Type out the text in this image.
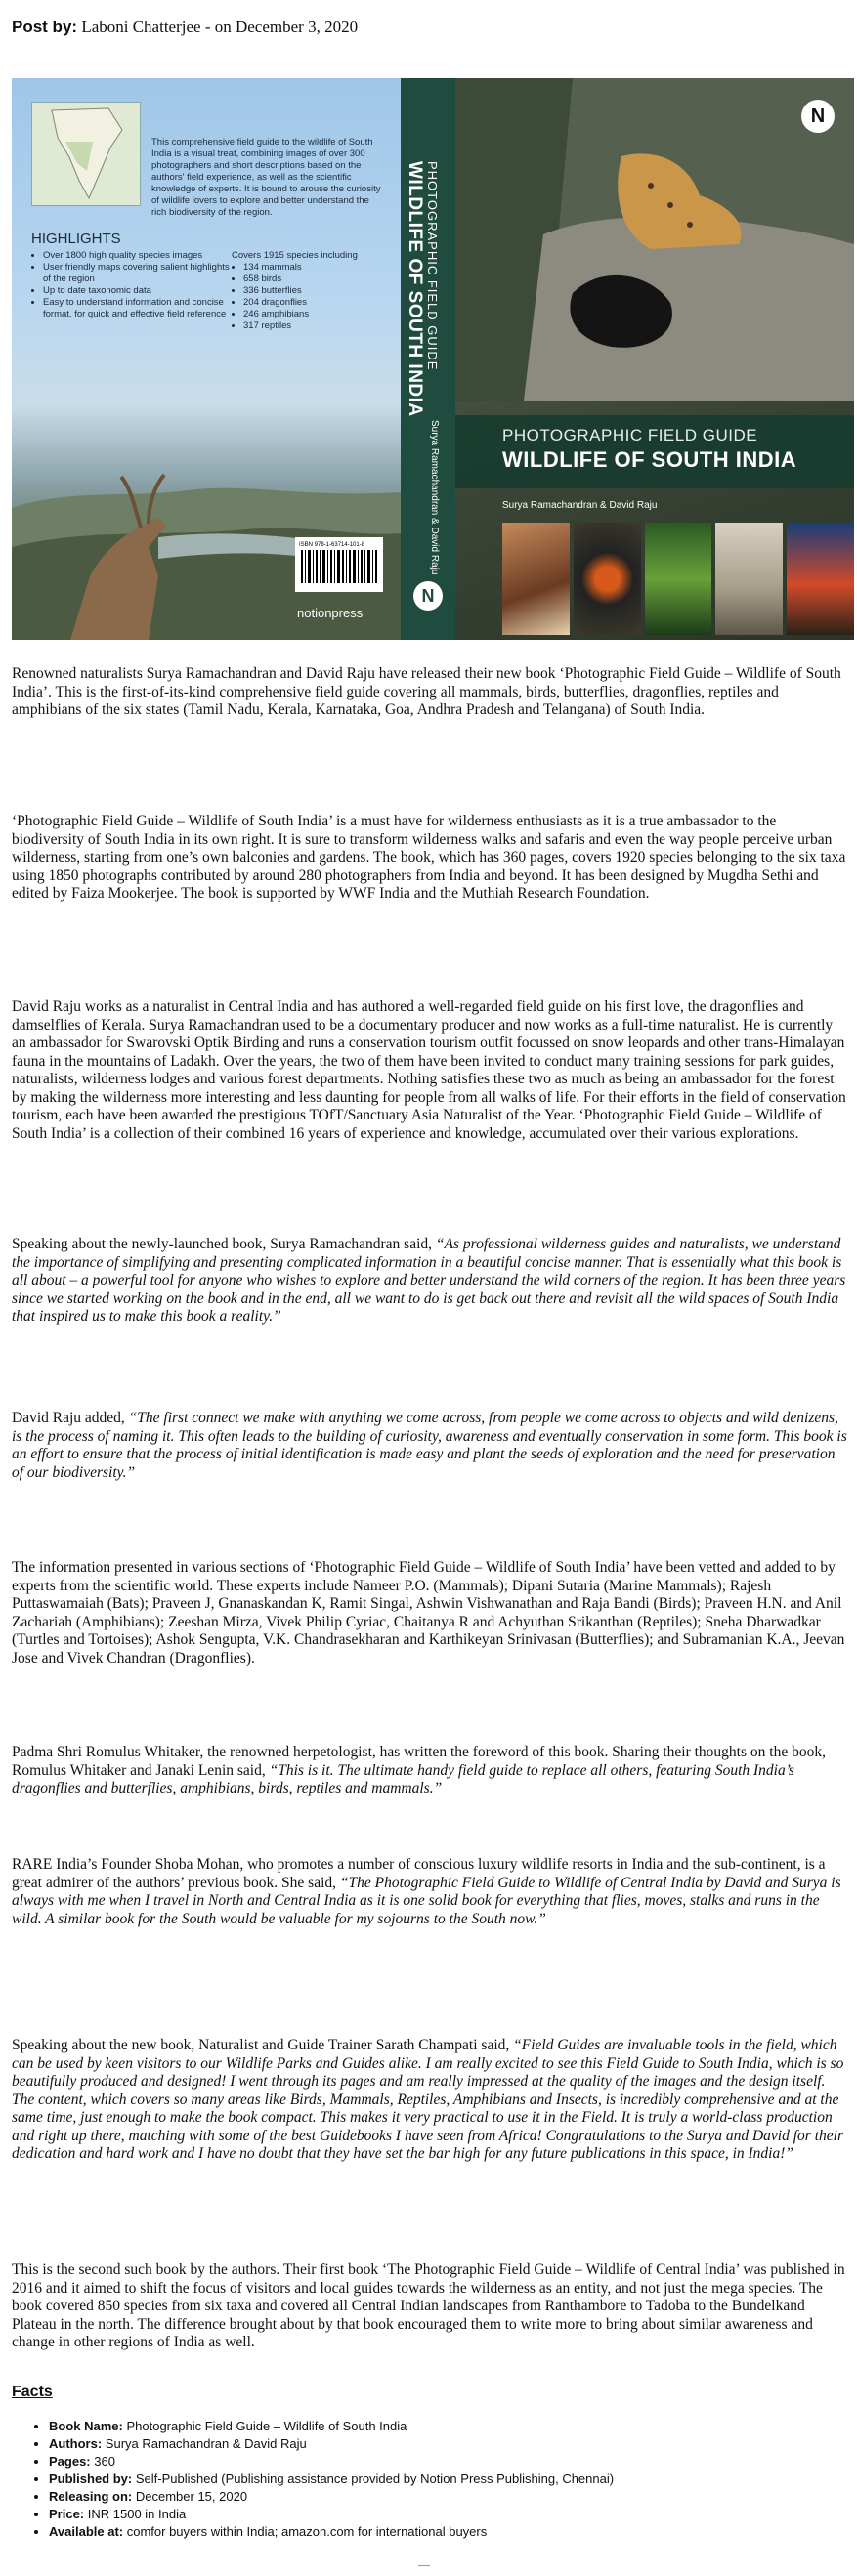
Post by: Laboni Chatterjee - on December 3, 2020
This comprehensive field guide to the wildlife of South India is a visual treat, combining images of over 300 photographers and short descriptions based on the authors' field experience, as well as the scientific knowledge of experts. It is bound to arouse the curiosity of wildlife lovers to explore and better understand the rich biodiversity of the region.
HIGHLIGHTS
• Over 1800 high quality species images
• User friendly maps covering salient highlights of the region
• Up to date taxonomic data
• Easy to understand information and concise format, for quick and effective field reference
Covers 1915 species including
• 134 mammals
• 658 birds
• 336 butterflies
• 204 dragonflies
• 246 amphibians
• 317 reptiles
ISBN 978-1-63714-101-8
notionpress
PHOTOGRAPHIC FIELD GUIDE
WILDLIFE OF SOUTH INDIA
Surya Ramachandran & David Raju
N
N
PHOTOGRAPHIC FIELD GUIDE
WILDLIFE OF SOUTH INDIA
Surya Ramachandran & David Raju

Renowned naturalists Surya Ramachandran and David Raju have released their new book ‘Photographic Field Guide – Wildlife of South India’. This is the first-of-its-kind comprehensive field guide covering all mammals, birds, butterflies, dragonflies, reptiles and amphibians of the six states (Tamil Nadu, Kerala, Karnataka, Goa, Andhra Pradesh and Telangana) of South India.

‘Photographic Field Guide – Wildlife of South India’ is a must have for wilderness enthusiasts as it is a true ambassador to the biodiversity of South India in its own right. It is sure to transform wilderness walks and safaris and even the way people perceive urban wilderness, starting from one’s own balconies and gardens. The book, which has 360 pages, covers 1920 species belonging to the six taxa using 1850 photographs contributed by around 280 photographers from India and beyond. It has been designed by Mugdha Sethi and edited by Faiza Mookerjee. The book is supported by WWF India and the Muthiah Research Foundation.

David Raju works as a naturalist in Central India and has authored a well-regarded field guide on his first love, the dragonflies and damselflies of Kerala. Surya Ramachandran used to be a documentary producer and now works as a full-time naturalist. He is currently an ambassador for Swarovski Optik Birding and runs a conservation tourism outfit focussed on snow leopards and other trans-Himalayan fauna in the mountains of Ladakh. Over the years, the two of them have been invited to conduct many training sessions for park guides, naturalists, wilderness lodges and various forest departments. Nothing satisfies these two as much as being an ambassador for the forest by making the wilderness more interesting and less daunting for people from all walks of life. For their efforts in the field of conservation tourism, each have been awarded the prestigious TOfT/Sanctuary Asia Naturalist of the Year. ‘Photographic Field Guide – Wildlife of South India’ is a collection of their combined 16 years of experience and knowledge, accumulated over their various explorations.

Speaking about the newly-launched book, Surya Ramachandran said, “As professional wilderness guides and naturalists, we understand the importance of simplifying and presenting complicated information in a beautiful concise manner. That is essentially what this book is all about – a powerful tool for anyone who wishes to explore and better understand the wild corners of the region. It has been three years since we started working on the book and in the end, all we want to do is get back out there and revisit all the wild spaces of South India that inspired us to make this book a reality.”

David Raju added, “The first connect we make with anything we come across, from people we come across to objects and wild denizens, is the process of naming it. This often leads to the building of curiosity, awareness and eventually conservation in some form. This book is an effort to ensure that the process of initial identification is made easy and plant the seeds of exploration and the need for preservation of our biodiversity.”

The information presented in various sections of ‘Photographic Field Guide – Wildlife of South India’ have been vetted and added to by experts from the scientific world. These experts include Nameer P.O. (Mammals); Dipani Sutaria (Marine Mammals); Rajesh Puttaswamaiah (Bats); Praveen J, Gnanaskandan K, Ramit Singal, Ashwin Vishwanathan and Raja Bandi (Birds); Praveen H.N. and Anil Zachariah (Amphibians); Zeeshan Mirza, Vivek Philip Cyriac, Chaitanya R and Achyuthan Srikanthan (Reptiles); Sneha Dharwadkar (Turtles and Tortoises); Ashok Sengupta, V.K. Chandrasekharan and Karthikeyan Srinivasan (Butterflies); and Subramanian K.A., Jeevan Jose and Vivek Chandran (Dragonflies).

Padma Shri Romulus Whitaker, the renowned herpetologist, has written the foreword of this book. Sharing their thoughts on the book, Romulus Whitaker and Janaki Lenin said, “This is it. The ultimate handy field guide to replace all others, featuring South India’s dragonflies and butterflies, amphibians, birds, reptiles and mammals.”

RARE India’s Founder Shoba Mohan, who promotes a number of conscious luxury wildlife resorts in India and the sub-continent, is a great admirer of the authors’ previous book. She said, “The Photographic Field Guide to Wildlife of Central India by David and Surya is always with me when I travel in North and Central India as it is one solid book for everything that flies, moves, stalks and runs in the wild. A similar book for the South would be valuable for my sojourns to the South now.”

Speaking about the new book, Naturalist and Guide Trainer Sarath Champati said, “Field Guides are invaluable tools in the field, which can be used by keen visitors to our Wildlife Parks and Guides alike. I am really excited to see this Field Guide to South India, which is so beautifully produced and designed! I went through its pages and am really impressed at the quality of the images and the design itself. The content, which covers so many areas like Birds, Mammals, Reptiles, Amphibians and Insects, is incredibly comprehensive and at the same time, just enough to make the book compact. This makes it very practical to use it in the Field. It is truly a world-class production and right up there, matching with some of the best Guidebooks I have seen from Africa! Congratulations to the Surya and David for their dedication and hard work and I have no doubt that they have set the bar high for any future publications in this space, in India!”

This is the second such book by the authors. Their first book ‘The Photographic Field Guide – Wildlife of Central India’ was published in 2016 and it aimed to shift the focus of visitors and local guides towards the wilderness as an entity, and not just the mega species. The book covered 850 species from six taxa and covered all Central Indian landscapes from Ranthambore to Tadoba to the Bundelkand Plateau in the north. The difference brought about by that book encouraged them to write more to bring about similar awareness and change in other regions of India as well.

Facts
• Book Name: Photographic Field Guide – Wildlife of South India
• Authors: Surya Ramachandran & David Raju
• Pages: 360
• Published by: Self-Published (Publishing assistance provided by Notion Press Publishing, Chennai)
• Releasing on: December 15, 2020
• Price: INR 1500 in India
• Available at: comfor buyers within India; amazon.com for international buyers
